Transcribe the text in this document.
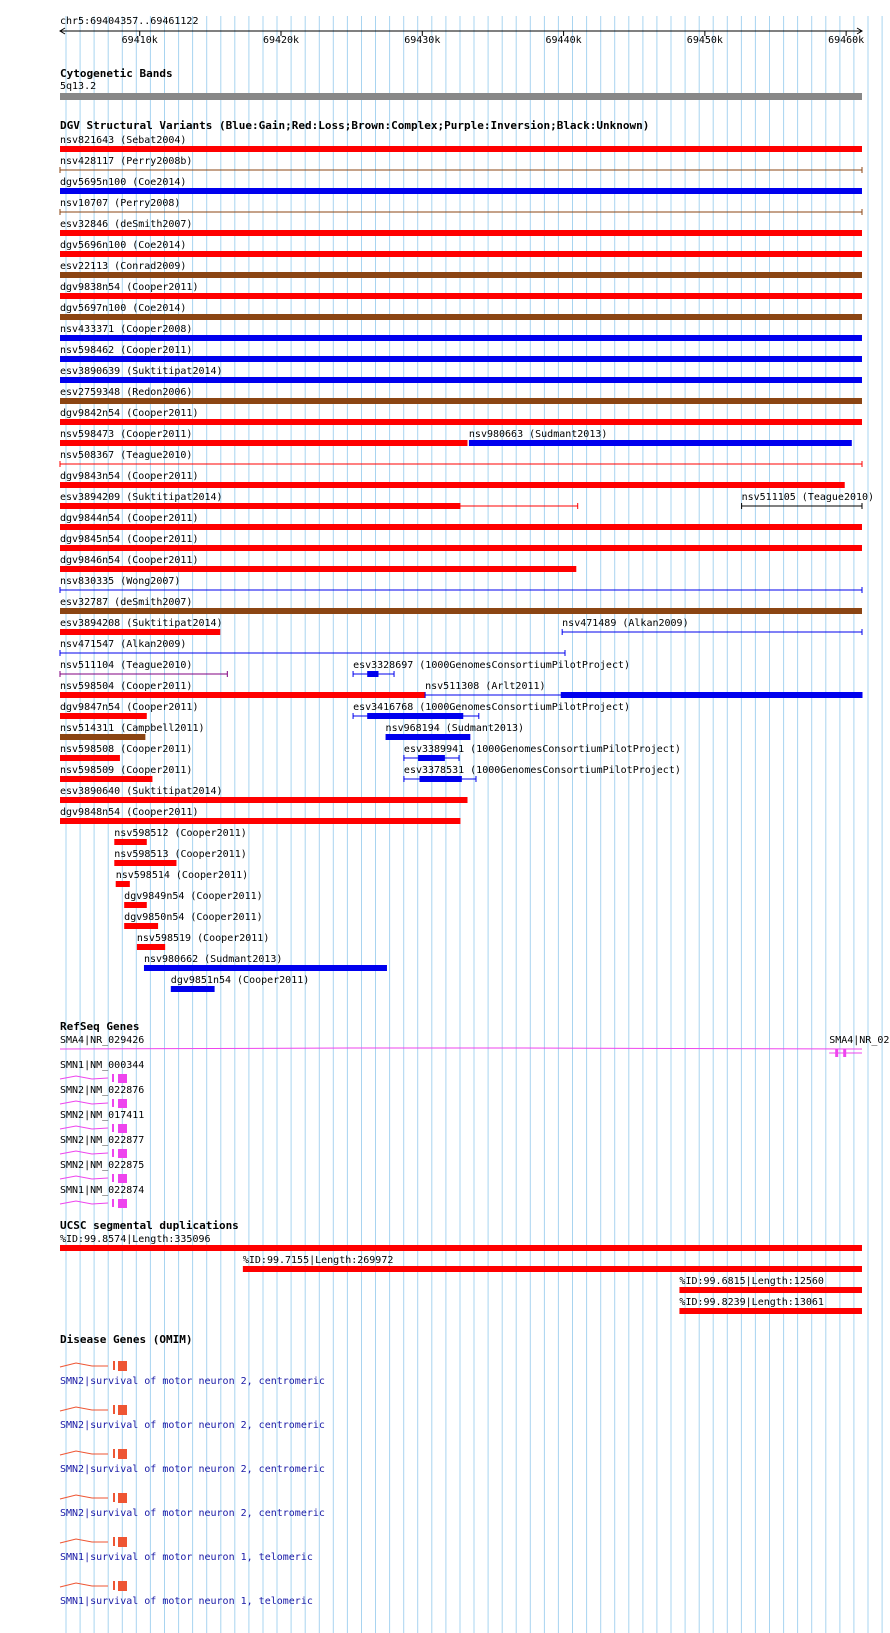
chr5:69404357..69461122
69410k	69420k	69430k	69440k	69450k	69460k
Cytogenetic Bands
5q13.2
DGV Structural Variants (Blue:Gain;Red:Loss;Brown:Complex;Purple:Inversion;Black:Unknown)
nsv821643 (Sebat2004)
nsv428117 (Perry2008b)
dgv5695n100 (Coe2014)
nsv10707 (Perry2008)
esv32846 (deSmith2007)
dgv5696n100 (Coe2014)
esv22113 (Conrad2009)
dgv9838n54 (Cooper2011)
dgv5697n100 (Coe2014)
nsv433371 (Cooper2008)
nsv598462 (Cooper2011)
esv3890639 (Suktitipat2014)
esv2759348 (Redon2006)
dgv9842n54 (Cooper2011)
nsv598473 (Cooper2011)	nsv980663 (Sudmant2013)
nsv508367 (Teague2010)
dgv9843n54 (Cooper2011)
esv3894209 (Suktitipat2014)	nsv511105 (Teague2010)
dgv9844n54 (Cooper2011)
dgv9845n54 (Cooper2011)
dgv9846n54 (Cooper2011)
nsv830335 (Wong2007)
esv32787 (deSmith2007)
esv3894208 (Suktitipat2014)	nsv471489 (Alkan2009)
nsv471547 (Alkan2009)
nsv511104 (Teague2010)	esv3328697 (1000GenomesConsortiumPilotProject)
nsv598504 (Cooper2011)	nsv511308 (Arlt2011)
dgv9847n54 (Cooper2011)	esv3416768 (1000GenomesConsortiumPilotProject)
nsv514311 (Campbell2011)	nsv968194 (Sudmant2013)
nsv598508 (Cooper2011)	esv3389941 (1000GenomesConsortiumPilotProject)
nsv598509 (Cooper2011)	esv3378531 (1000GenomesConsortiumPilotProject)
esv3890640 (Suktitipat2014)
dgv9848n54 (Cooper2011)
nsv598512 (Cooper2011)
nsv598513 (Cooper2011)
nsv598514 (Cooper2011)
dgv9849n54 (Cooper2011)
dgv9850n54 (Cooper2011)
nsv598519 (Cooper2011)
nsv980662 (Sudmant2013)
dgv9851n54 (Cooper2011)
RefSeq Genes
SMA4|NR_029426	SMA4|NR_02
SMN1|NM_000344
SMN2|NM_022876
SMN2|NM_017411
SMN2|NM_022877
SMN2|NM_022875
SMN1|NM_022874
UCSC segmental duplications
%ID:99.8574|Length:335096
%ID:99.7155|Length:269972
%ID:99.6815|Length:12560
%ID:99.8239|Length:13061
Disease Genes (OMIM)
SMN2|survival of motor neuron 2, centromeric
SMN2|survival of motor neuron 2, centromeric
SMN2|survival of motor neuron 2, centromeric
SMN2|survival of motor neuron 2, centromeric
SMN1|survival of motor neuron 1, telomeric
SMN1|survival of motor neuron 1, telomeric
